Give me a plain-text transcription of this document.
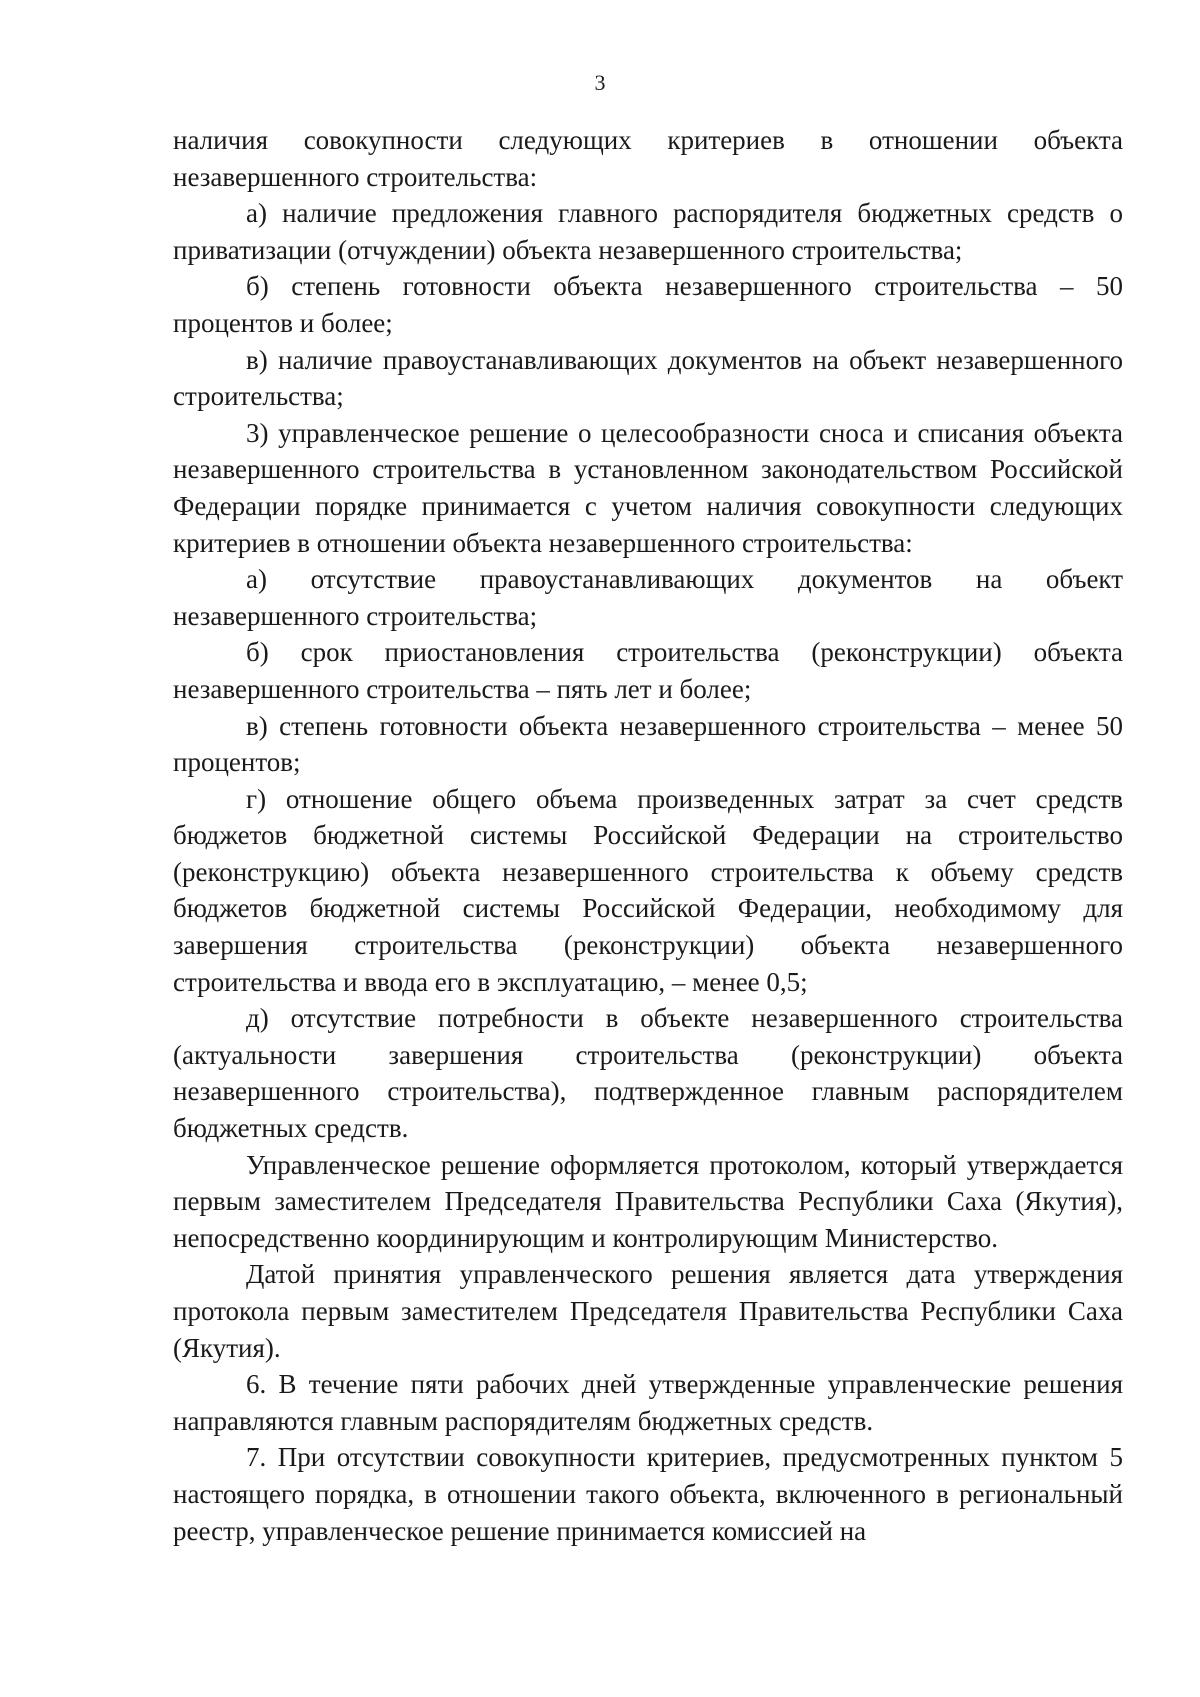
3

наличия совокупности следующих критериев в отношении объекта незавершенного строительства:

а) наличие предложения главного распорядителя бюджетных средств о приватизации (отчуждении) объекта незавершенного строительства;

б) степень готовности объекта незавершенного строительства – 50 процентов и более;

в) наличие правоустанавливающих документов на объект незавершенного строительства;

3) управленческое решение о целесообразности сноса и списания объекта незавершенного строительства в установленном законодательством Российской Федерации порядке принимается с учетом наличия совокупности следующих критериев в отношении объекта незавершенного строительства:

а) отсутствие правоустанавливающих документов на объект незавершенного строительства;

б) срок приостановления строительства (реконструкции) объекта незавершенного строительства – пять лет и более;

в) степень готовности объекта незавершенного строительства – менее 50 процентов;

г) отношение общего объема произведенных затрат за счет средств бюджетов бюджетной системы Российской Федерации на строительство (реконструкцию) объекта незавершенного строительства к объему средств бюджетов бюджетной системы Российской Федерации, необходимому для завершения строительства (реконструкции) объекта незавершенного строительства и ввода его в эксплуатацию, – менее 0,5;

д) отсутствие потребности в объекте незавершенного строительства (актуальности завершения строительства (реконструкции) объекта незавершенного строительства), подтвержденное главным распорядителем бюджетных средств.

Управленческое решение оформляется протоколом, который утверждается первым заместителем Председателя Правительства Республики Саха (Якутия), непосредственно координирующим и контролирующим Министерство.

Датой принятия управленческого решения является дата утверждения протокола первым заместителем Председателя Правительства Республики Саха (Якутия).

6. В течение пяти рабочих дней утвержденные управленческие решения направляются главным распорядителям бюджетных средств.

7. При отсутствии совокупности критериев, предусмотренных пунктом 5 настоящего порядка, в отношении такого объекта, включенного в региональный реестр, управленческое решение принимается комиссией на
